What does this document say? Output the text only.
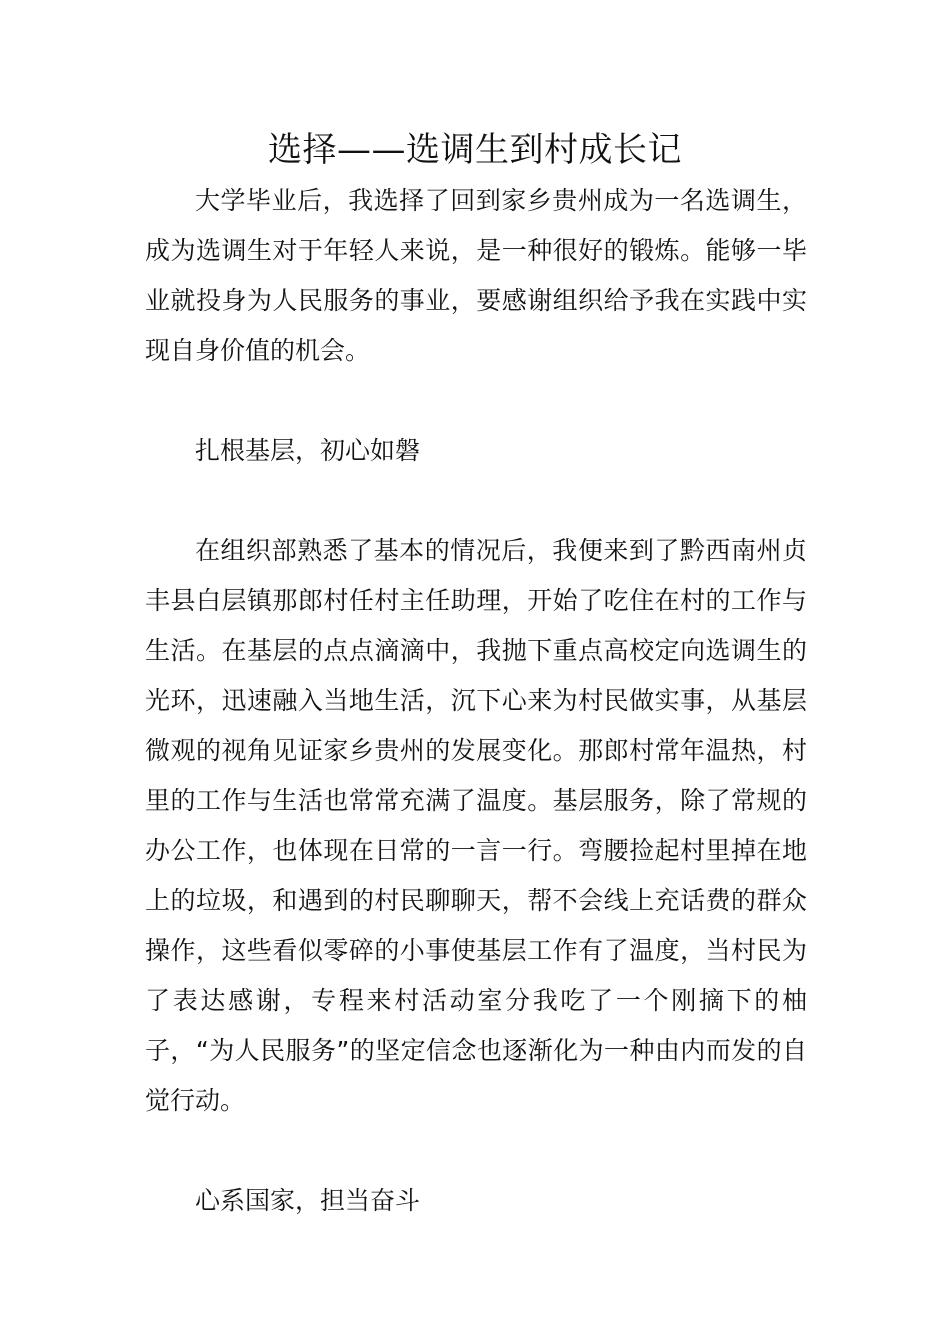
选择——选调生到村成长记

大学毕业后，我选择了回到家乡贵州成为一名选调生，成为选调生对于年轻人来说，是一种很好的锻炼。能够一毕业就投身为人民服务的事业，要感谢组织给予我在实践中实现自身价值的机会。

扎根基层，初心如磐

在组织部熟悉了基本的情况后，我便来到了黔西南州贞丰县白层镇那郎村任村主任助理，开始了吃住在村的工作与生活。在基层的点点滴滴中，我抛下重点高校定向选调生的光环，迅速融入当地生活，沉下心来为村民做实事，从基层微观的视角见证家乡贵州的发展变化。那郎村常年温热，村里的工作与生活也常常充满了温度。基层服务，除了常规的办公工作，也体现在日常的一言一行。弯腰捡起村里掉在地上的垃圾，和遇到的村民聊聊天，帮不会线上充话费的群众操作，这些看似零碎的小事使基层工作有了温度，当村民为了表达感谢，专程来村活动室分我吃了一个刚摘下的柚子，“为人民服务”的坚定信念也逐渐化为一种由内而发的自觉行动。

心系国家，担当奋斗
